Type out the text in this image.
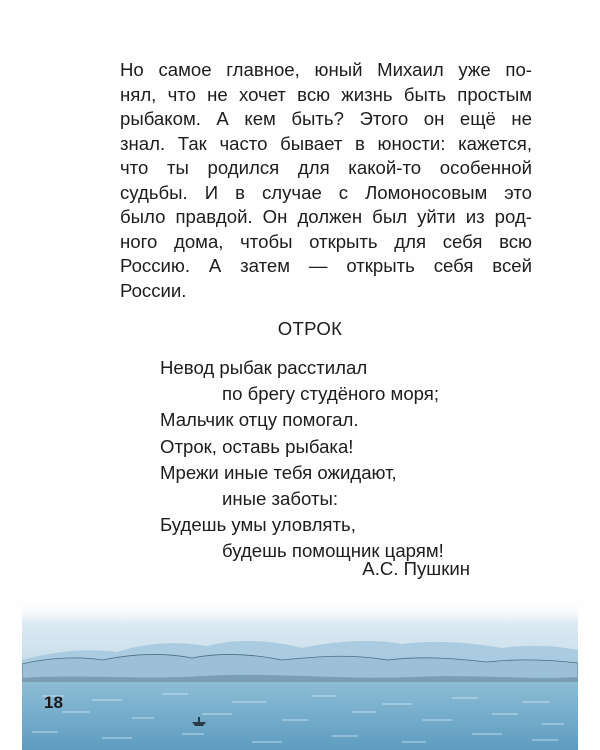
Но самое главное, юный Михаил уже по-
нял, что не хочет всю жизнь быть простым
рыбаком. А кем быть? Этого он ещё не
знал. Так часто бывает в юности: кажется,
что ты родился для какой-то особенной
судьбы. И в случае с Ломоносовым это
было правдой. Он должен был уйти из род-
ного дома, чтобы открыть для себя всю
Россию. А затем — открыть себя всей
России.
ОТРОК
Невод рыбак расстилал
по брегу студёного моря;
Мальчик отцу помогал.
Отрок, оставь рыбака!
Мрежи иные тебя ожидают,
иные заботы:
Будешь умы уловлять,
будешь помощник царям!
А.С. Пушкин
18
